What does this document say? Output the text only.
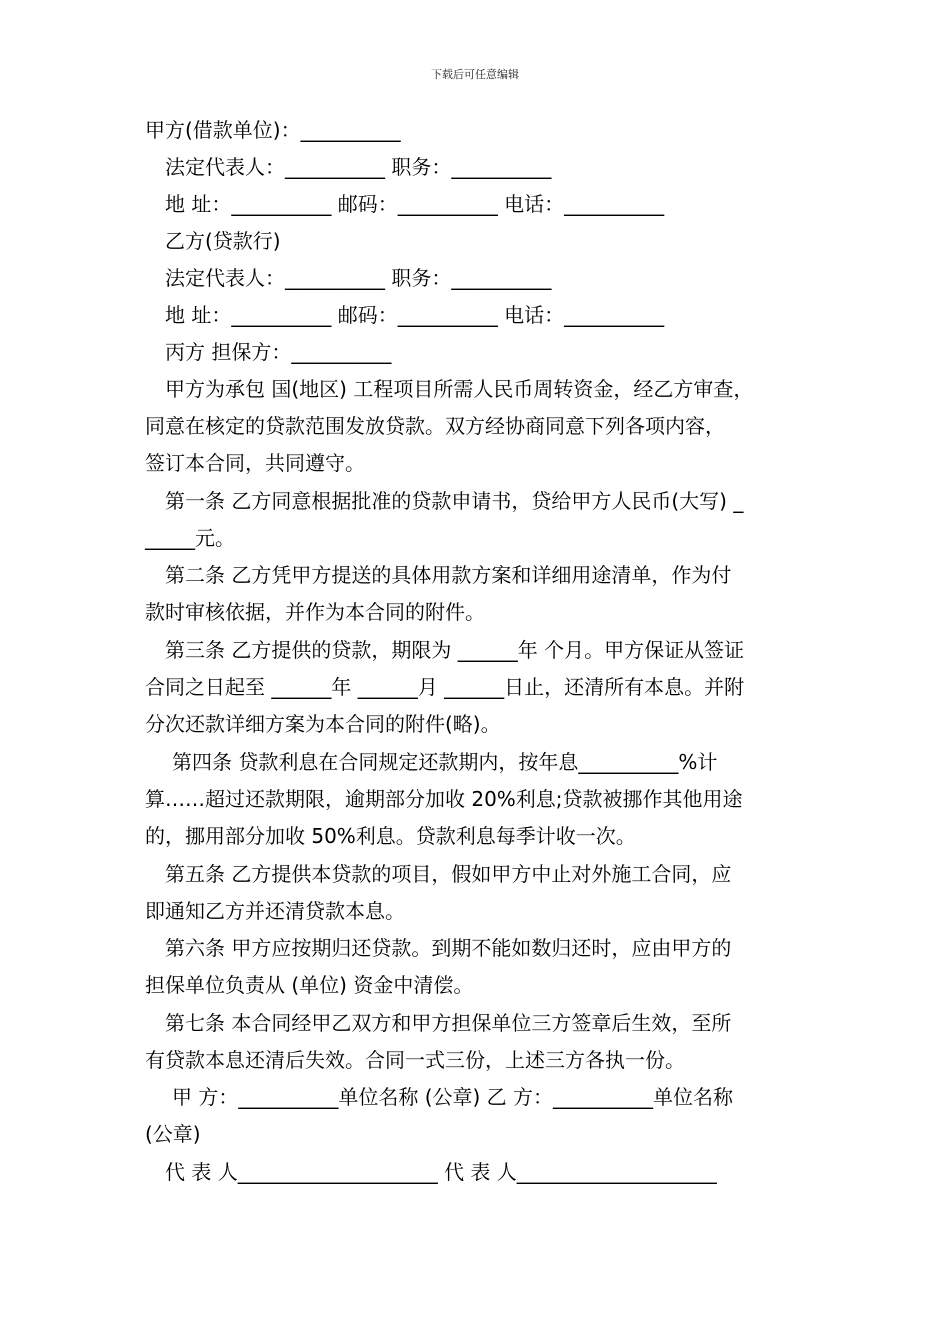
下载后可任意编辑
甲方(借款单位)：__________
法定代表人：__________ 职务：__________
地 址：__________ 邮码：__________ 电话：__________
乙方(贷款行)
法定代表人：__________ 职务：__________
地 址：__________ 邮码：__________ 电话：__________
丙方 担保方：__________
甲方为承包 国(地区) 工程项目所需人民币周转资金，经乙方审查，
同意在核定的贷款范围发放贷款。双方经协商同意下列各项内容，
签订本合同，共同遵守。
第一条 乙方同意根据批准的贷款申请书，贷给甲方人民币(大写) _
_____元。
第二条 乙方凭甲方提送的具体用款方案和详细用途清单，作为付
款时审核依据，并作为本合同的附件。
第三条 乙方提供的贷款，期限为 ______年 个月。甲方保证从签证
合同之日起至 ______年 ______月 ______日止，还清所有本息。并附
分次还款详细方案为本合同的附件(略)。
第四条 贷款利息在合同规定还款期内，按年息__________%计
算……超过还款期限，逾期部分加收 20%利息;贷款被挪作其他用途
的，挪用部分加收 50%利息。贷款利息每季计收一次。
第五条 乙方提供本贷款的项目，假如甲方中止对外施工合同，应
即通知乙方并还清贷款本息。
第六条 甲方应按期归还贷款。到期不能如数归还时，应由甲方的
担保单位负责从 (单位) 资金中清偿。
第七条 本合同经甲乙双方和甲方担保单位三方签章后生效，至所
有贷款本息还清后失效。合同一式三份，上述三方各执一份。
甲 方：__________单位名称 (公章) 乙 方：__________单位名称
(公章)
代 表 人____________________ 代 表 人____________________
